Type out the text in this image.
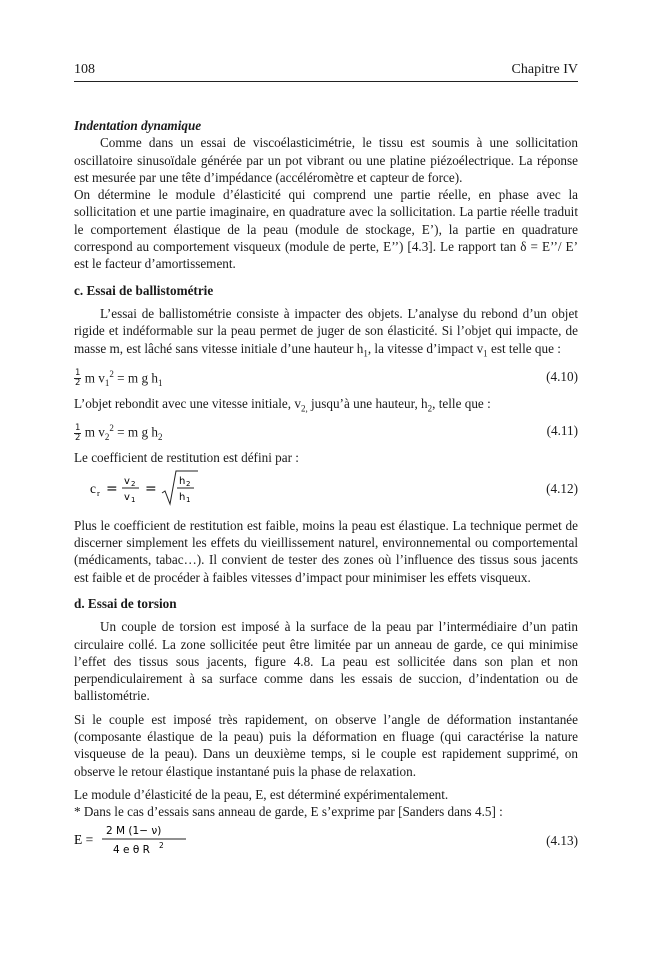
108	Chapitre IV

Indentation dynamique

Comme dans un essai de viscoélasticimétrie, le tissu est soumis à une sollicitation oscillatoire sinusoïdale générée par un pot vibrant ou une platine piézoélectrique. La réponse est mesurée par une tête d’impédance (accéléromètre et capteur de force).

On détermine le module d’élasticité qui comprend une partie réelle, en phase avec la sollicitation et une partie imaginaire, en quadrature avec la sollicitation. La partie réelle traduit le comportement élastique de la peau (module de stockage, E’), la partie en quadrature correspond au comportement visqueux (module de perte, E’’) [4.3]. Le rapport tan δ = E’’/ E’ est le facteur d’amortissement.

c. Essai de ballistométrie

L’essai de ballistométrie consiste à impacter des objets. L’analyse du rebond d’un objet rigide et indéformable sur la peau permet de juger de son élasticité. Si l’objet qui impacte, de masse m, est lâché sans vitesse initiale d’une hauteur $h_1$, la vitesse d’impact $v_1$ est telle que :

$\frac{1}{2}$ m $v_1^2 = m$ g $h_1$	(4.10)

L’objet rebondit avec une vitesse initiale, $v_{2,}$ jusqu’à une hauteur, $h_2$, telle que :

$\frac{1}{2}$ m $v_2^2 = m$ g $h_2$	(4.11)

Le coefficient de restitution est défini par :

c r = v 2
v 1
= h 2
h 1
(4.12)

Plus le coefficient de restitution est faible, moins la peau est élastique. La technique permet de discerner simplement les effets du vieillissement naturel, environnemental ou comportemental (médicaments, tabac…). Il convient de tester des zones où l’influence des tissus sous jacents est faible et de procéder à faibles vitesses d’impact pour minimiser les effets visqueux.

d. Essai de torsion

Un couple de torsion est imposé à la surface de la peau par l’intermédiaire d’un patin circulaire collé. La zone sollicitée peut être limitée par un anneau de garde, ce qui minimise l’effet des tissus sous jacents, figure 4.8. La peau est sollicitée dans son plan et non perpendiculairement à sa surface comme dans les essais de succion, d’indentation ou de ballistométrie.

Si le couple est imposé très rapidement, on observe l’angle de déformation instantanée (composante élastique de la peau) puis la déformation en fluage (qui caractérise la nature visqueuse de la peau). Dans un deuxième temps, si le couple est rapidement supprimé, on observe le retour élastique instantané puis la phase de relaxation.

Le module d’élasticité de la peau, E, est déterminé expérimentalement.

* Dans le cas d’essais sans anneau de garde, E s’exprime par [Sanders dans 4.5] :

E =
2 M (1− ν)
4 e θ R 2	(4.13)
